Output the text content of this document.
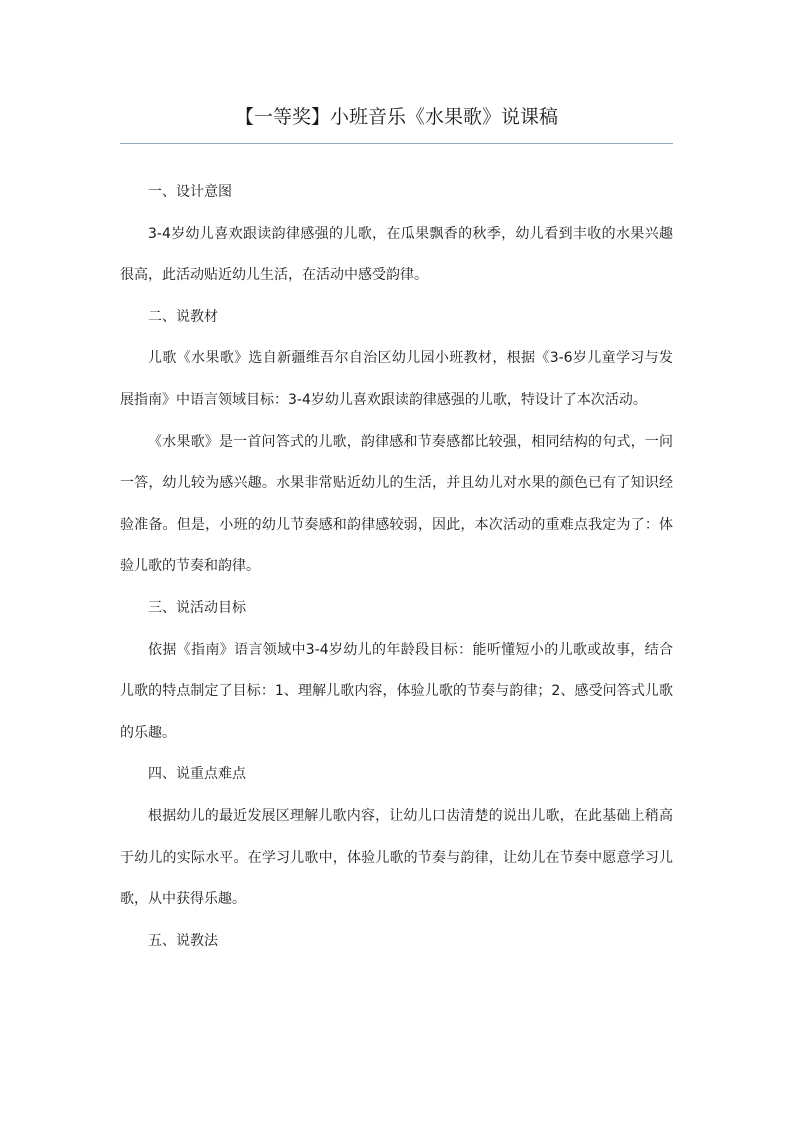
【一等奖】小班音乐《水果歌》说课稿

一、设计意图

3-4岁幼儿喜欢跟读韵律感强的儿歌，在瓜果飘香的秋季，幼儿看到丰收的水果兴趣很高，此活动贴近幼儿生活，在活动中感受韵律。

二、说教材

儿歌《水果歌》选自新疆维吾尔自治区幼儿园小班教材，根据《3-6岁儿童学习与发展指南》中语言领域目标：3-4岁幼儿喜欢跟读韵律感强的儿歌，特设计了本次活动。

《水果歌》是一首问答式的儿歌，韵律感和节奏感都比较强，相同结构的句式，一问一答，幼儿较为感兴趣。水果非常贴近幼儿的生活，并且幼儿对水果的颜色已有了知识经验准备。但是，小班的幼儿节奏感和韵律感较弱，因此，本次活动的重难点我定为了：体验儿歌的节奏和韵律。

三、说活动目标

依据《指南》语言领域中3-4岁幼儿的年龄段目标：能听懂短小的儿歌或故事，结合儿歌的特点制定了目标：1、理解儿歌内容，体验儿歌的节奏与韵律；2、感受问答式儿歌的乐趣。

四、说重点难点

根据幼儿的最近发展区理解儿歌内容，让幼儿口齿清楚的说出儿歌，在此基础上稍高于幼儿的实际水平。在学习儿歌中，体验儿歌的节奏与韵律，让幼儿在节奏中愿意学习儿歌，从中获得乐趣。

五、说教法
